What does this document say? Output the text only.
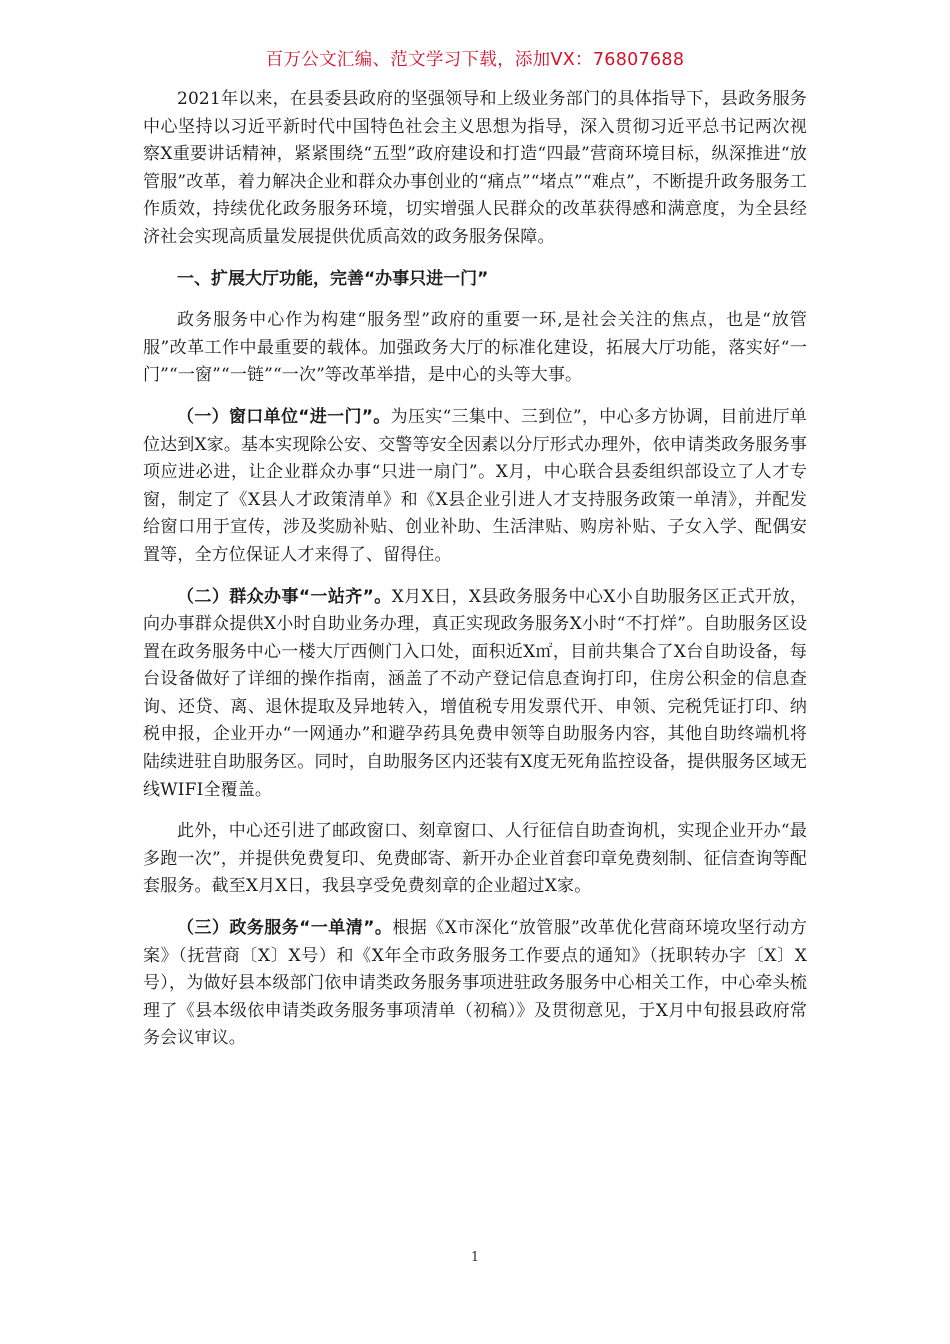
百万公文汇编、范文学习下载，添加VX：76807688

2021年以来，在县委县政府的坚强领导和上级业务部门的具体指导下，县政务服务中心坚持以习近平新时代中国特色社会主义思想为指导，深入贯彻习近平总书记两次视察X重要讲话精神，紧紧围绕“五型”政府建设和打造“四最”营商环境目标，纵深推进“放管服”改革，着力解决企业和群众办事创业的“痛点”“堵点”“难点”，不断提升政务服务工作质效，持续优化政务服务环境，切实增强人民群众的改革获得感和满意度，为全县经济社会实现高质量发展提供优质高效的政务服务保障。

一、扩展大厅功能，完善“办事只进一门”

政务服务中心作为构建“服务型”政府的重要一环,是社会关注的焦点，也是“放管服”改革工作中最重要的载体。加强政务大厅的标准化建设，拓展大厅功能，落实好“一门”“一窗”“一链”“一次”等改革举措，是中心的头等大事。

（一）窗口单位“进一门”。为压实“三集中、三到位”，中心多方协调，目前进厅单位达到X家。基本实现除公安、交警等安全因素以分厅形式办理外，依申请类政务服务事项应进必进，让企业群众办事“只进一扇门”。X月，中心联合县委组织部设立了人才专窗，制定了《X县人才政策清单》和《X县企业引进人才支持服务政策一单清》，并配发给窗口用于宣传，涉及奖励补贴、创业补助、生活津贴、购房补贴、子女入学、配偶安置等，全方位保证人才来得了、留得住。

（二）群众办事“一站齐”。X月X日，X县政务服务中心X小自助服务区正式开放，向办事群众提供X小时自助业务办理，真正实现政务服务X小时“不打烊”。自助服务区设置在政务服务中心一楼大厅西侧门入口处，面积近X㎡，目前共集合了X台自助设备，每台设备做好了详细的操作指南，涵盖了不动产登记信息查询打印，住房公积金的信息查询、还贷、离、退休提取及异地转入，增值税专用发票代开、申领、完税凭证打印、纳税申报，企业开办“一网通办”和避孕药具免费申领等自助服务内容，其他自助终端机将陆续进驻自助服务区。同时，自助服务区内还装有X度无死角监控设备，提供服务区域无线WIFI全覆盖。

此外，中心还引进了邮政窗口、刻章窗口、人行征信自助查询机，实现企业开办“最多跑一次”，并提供免费复印、免费邮寄、新开办企业首套印章免费刻制、征信查询等配套服务。截至X月X日，我县享受免费刻章的企业超过X家。

（三）政务服务“一单清”。根据《X市深化“放管服”改革优化营商环境攻坚行动方案》（抚营商〔X〕X号）和《X年全市政务服务工作要点的通知》（抚职转办字〔X〕X号），为做好县本级部门依申请类政务服务事项进驻政务服务中心相关工作，中心牵头梳理了《县本级依申请类政务服务事项清单（初稿）》及贯彻意见，于X月中旬报县政府常务会议审议。

1
